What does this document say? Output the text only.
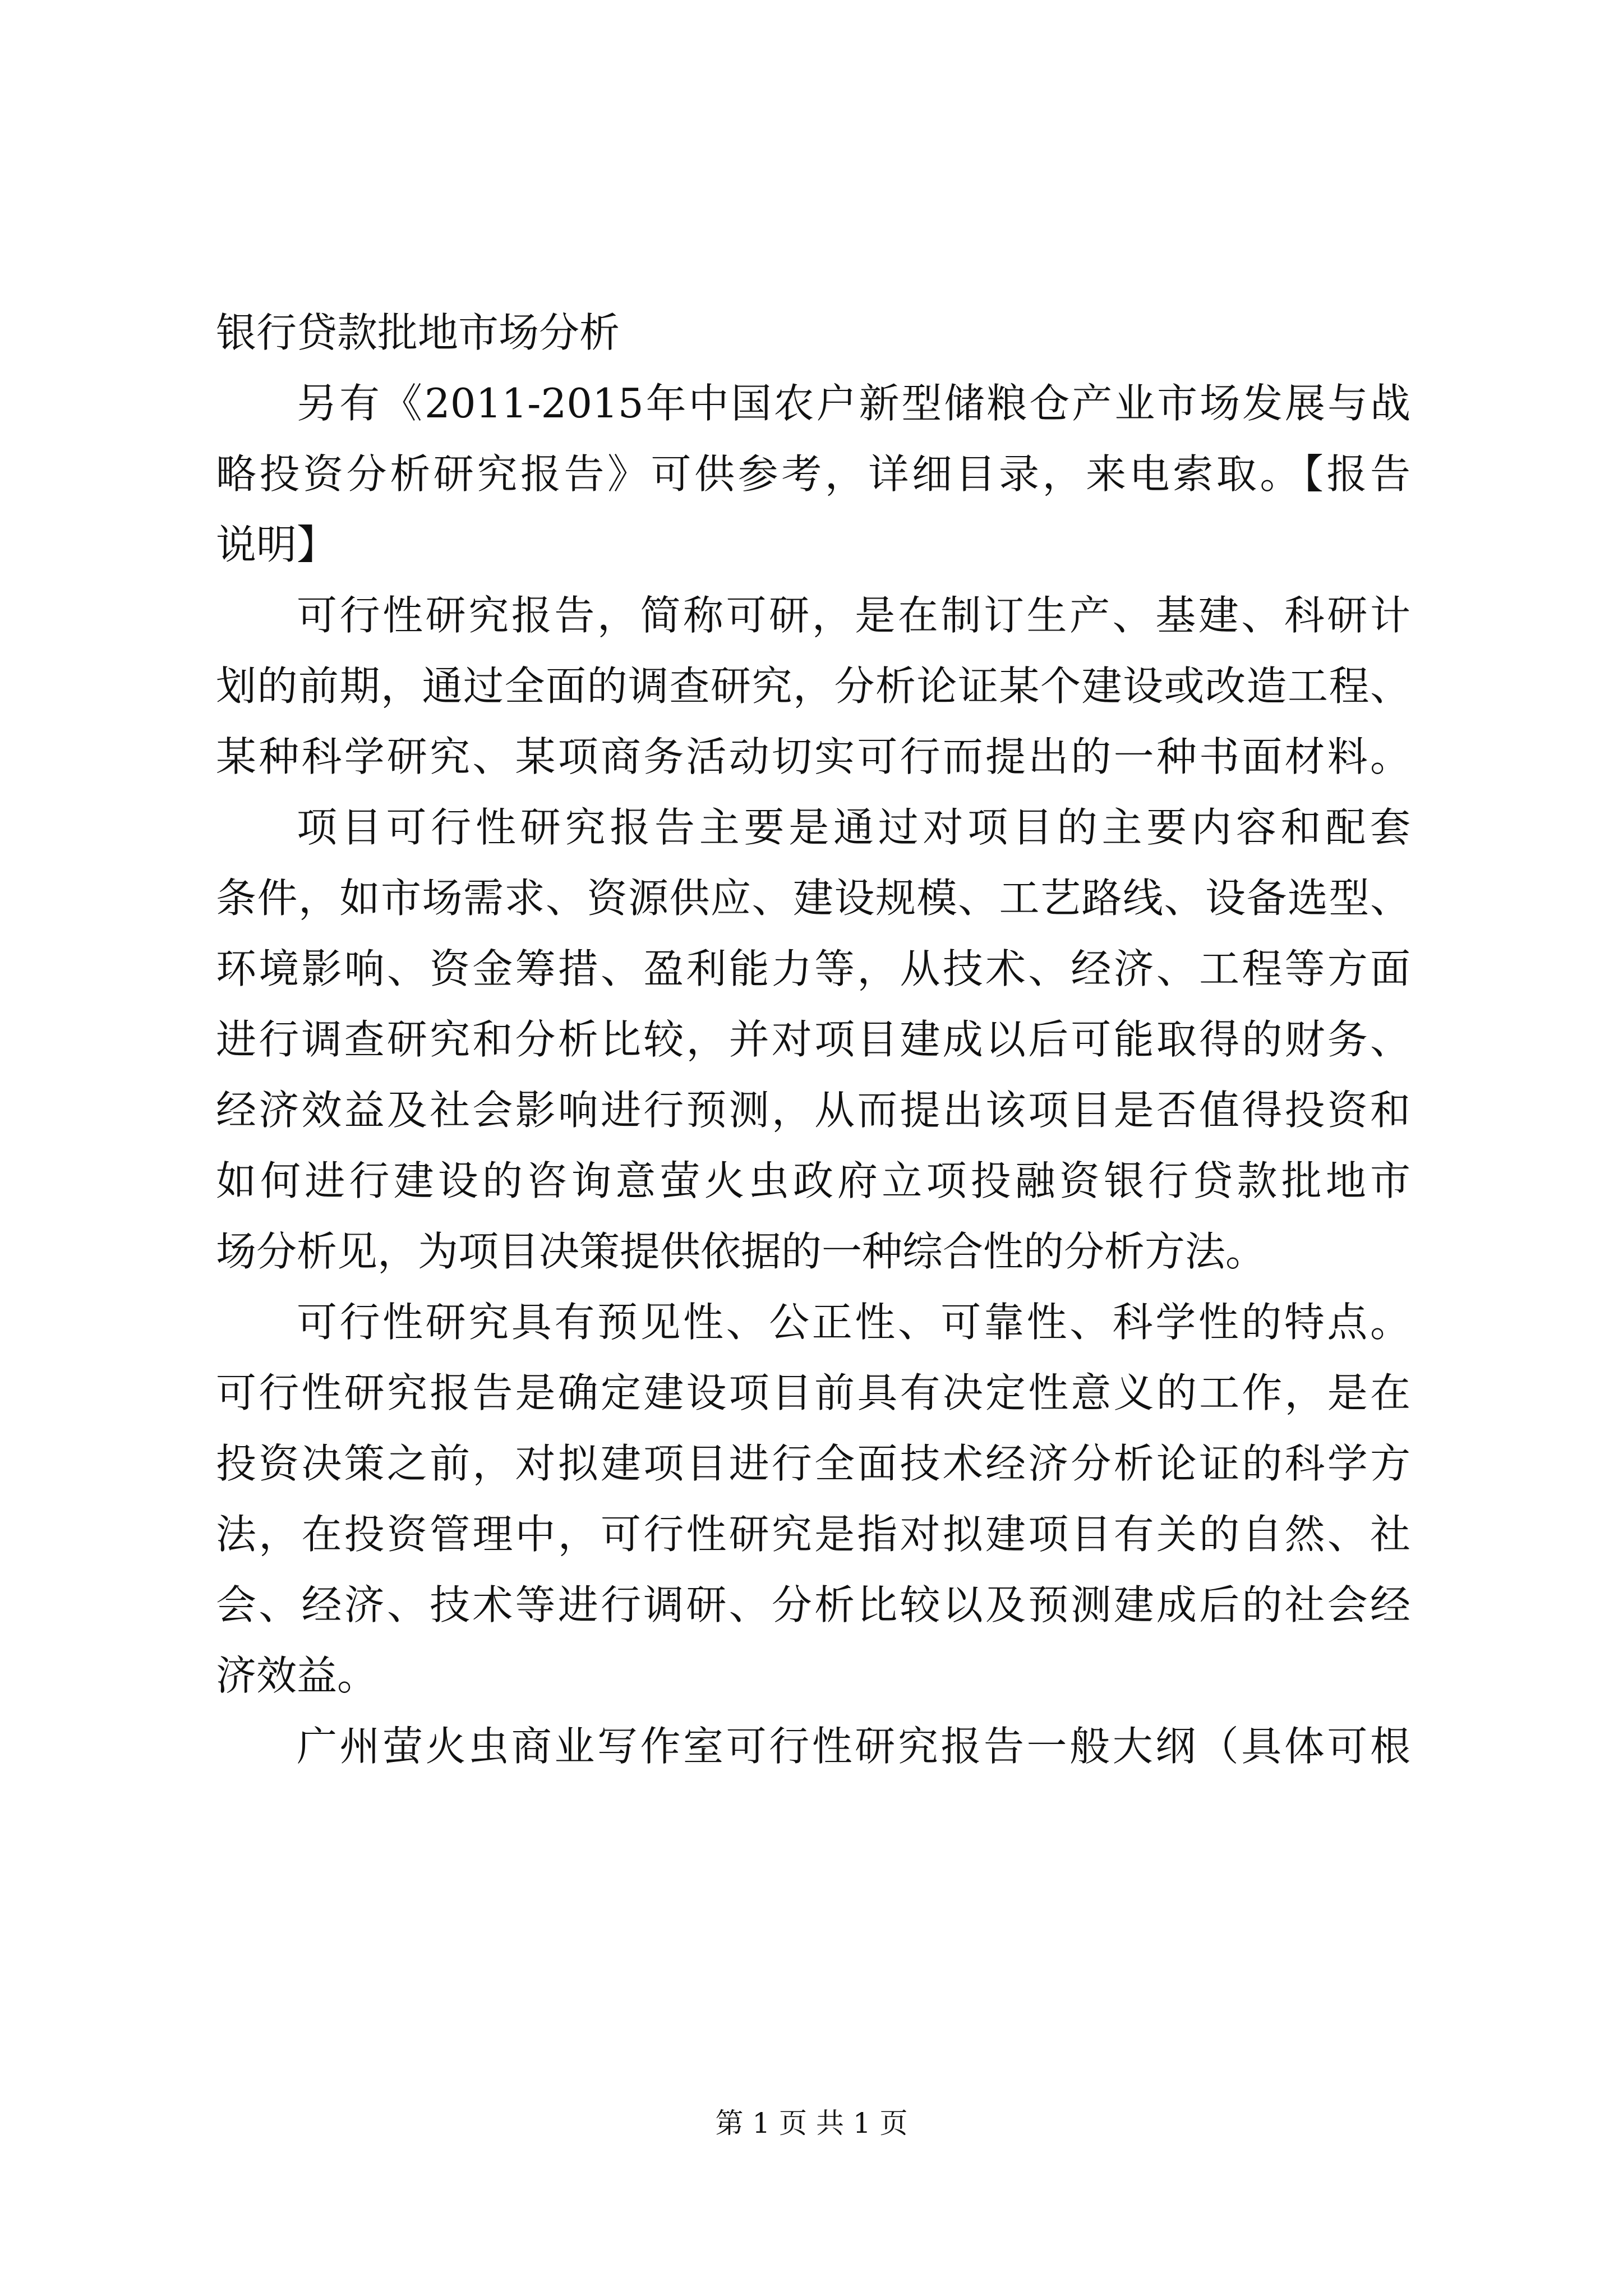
银行贷款批地市场分析
另有《2011-2015年中国农户新型储粮仓产业市场发展与战
略投资分析研究报告》可供参考，详细目录，来电索取。【报告
说明】
可行性研究报告，简称可研，是在制订生产、基建、科研计
划的前期，通过全面的调查研究，分析论证某个建设或改造工程、
某种科学研究、某项商务活动切实可行而提出的一种书面材料。
项目可行性研究报告主要是通过对项目的主要内容和配套
条件，如市场需求、资源供应、建设规模、工艺路线、设备选型、
环境影响、资金筹措、盈利能力等，从技术、经济、工程等方面
进行调查研究和分析比较，并对项目建成以后可能取得的财务、
经济效益及社会影响进行预测，从而提出该项目是否值得投资和
如何进行建设的咨询意萤火虫政府立项投融资银行贷款批地市
场分析见，为项目决策提供依据的一种综合性的分析方法。
可行性研究具有预见性、公正性、可靠性、科学性的特点。
可行性研究报告是确定建设项目前具有决定性意义的工作，是在
投资决策之前，对拟建项目进行全面技术经济分析论证的科学方
法，在投资管理中，可行性研究是指对拟建项目有关的自然、社
会、经济、技术等进行调研、分析比较以及预测建成后的社会经
济效益。
广州萤火虫商业写作室可行性研究报告一般大纲（具体可根
第 1 页 共 1 页
